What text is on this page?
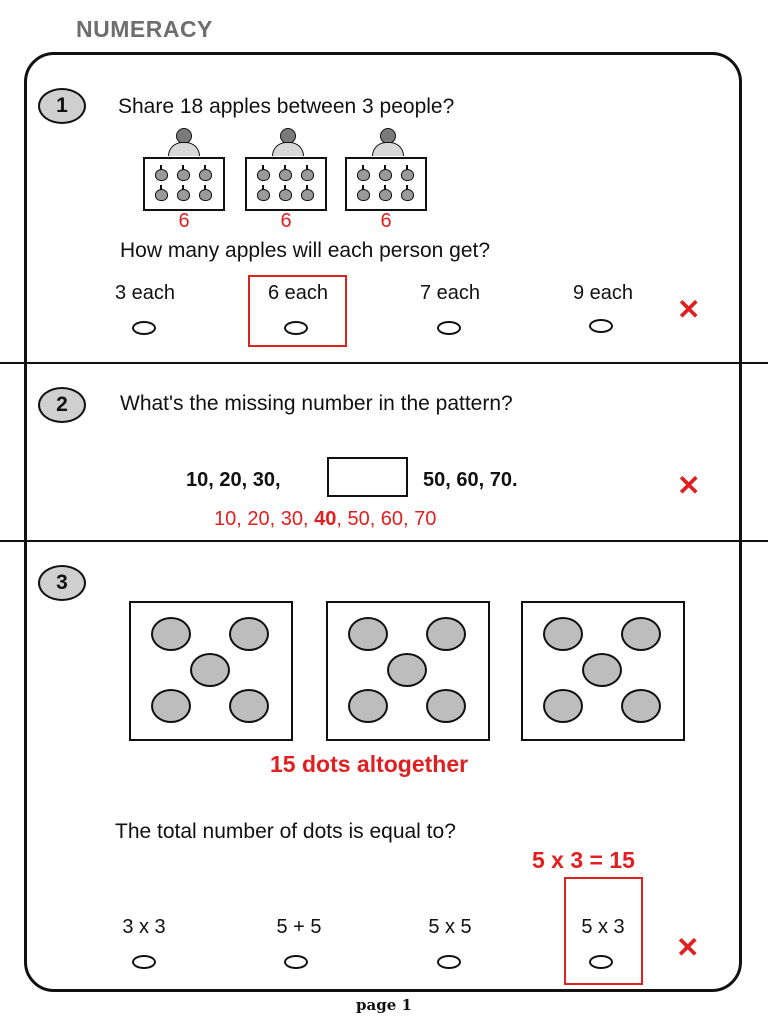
NUMERACY
1	Share 18 apples between 3 people?
6	6	6
How many apples will each person get?
3 each	6 each	7 each	9 each
✕
2	What's the missing number in the pattern?
10, 20, 30,	50, 60, 70.
10, 20, 30, 40, 50, 60, 70
✕
3
15 dots altogether
The total number of dots is equal to?
5 x 3 = 15
3 x 3	5 + 5	5 x 5	5 x 3
✕
page 1
